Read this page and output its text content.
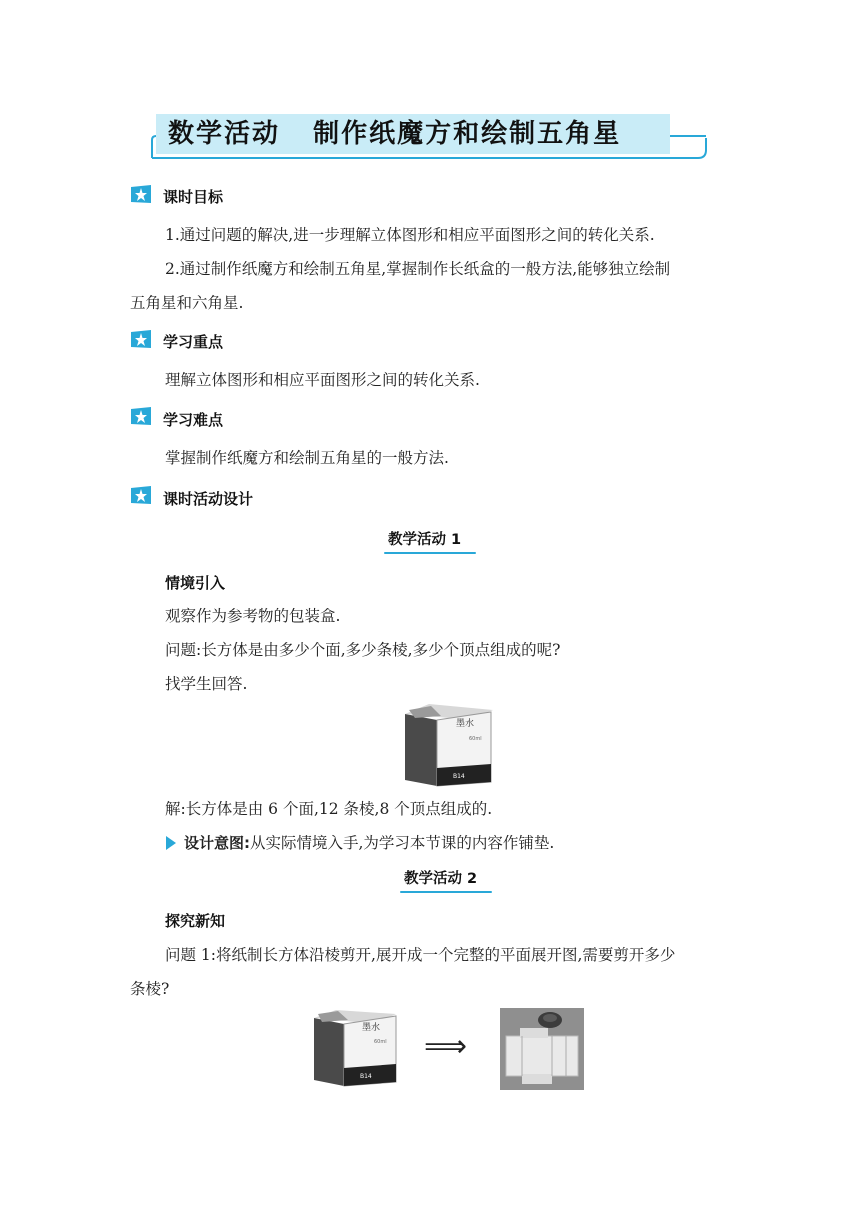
数学活动   制作纸魔方和绘制五角星
课时目标
1.通过问题的解决,进一步理解立体图形和相应平面图形之间的转化关系.
2.通过制作纸魔方和绘制五角星,掌握制作长纸盒的一般方法,能够独立绘制
五角星和六角星.
学习重点
理解立体图形和相应平面图形之间的转化关系.
学习难点
掌握制作纸魔方和绘制五角星的一般方法.
课时活动设计
教学活动 1
情境引入
观察作为参考物的包装盒.
问题:长方体是由多少个面,多少条棱,多少个顶点组成的呢?
找学生回答.
墨水
60ml
B14
解:长方体是由 6 个面,12 条棱,8 个顶点组成的.
设计意图:从实际情境入手,为学习本节课的内容作铺垫.
教学活动 2
探究新知
问题 1:将纸制长方体沿棱剪开,展开成一个完整的平面展开图,需要剪开多少
条棱?
墨水
60ml
B14
⟹
